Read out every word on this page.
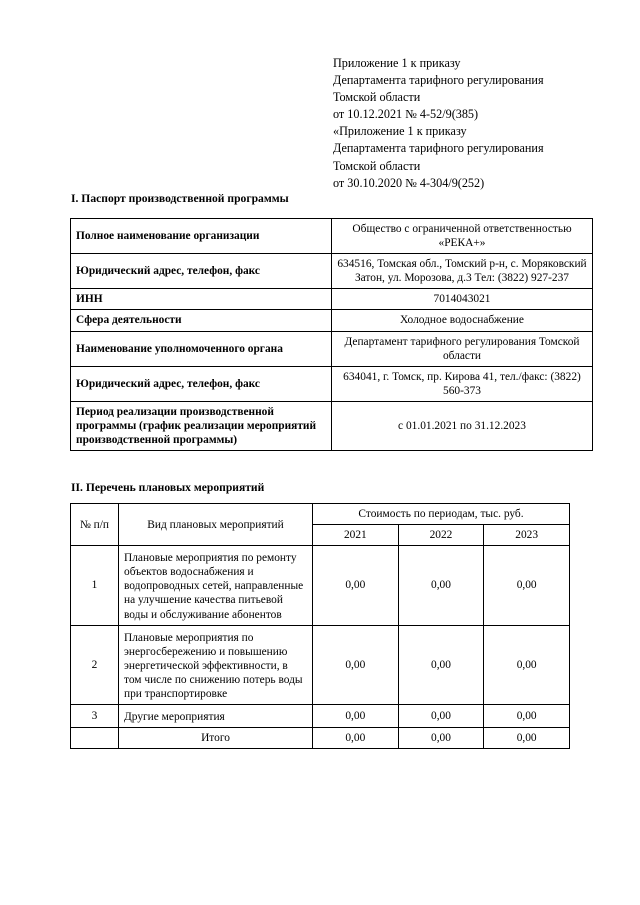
Приложение 1 к приказу
Департамента тарифного регулирования
Томской области
от 10.12.2021 № 4-52/9(385)
«Приложение 1 к приказу
Департамента тарифного регулирования
Томской области
от 30.10.2020 № 4-304/9(252)
I. Паспорт производственной программы
Полное наименование организации	Общество с ограниченной ответственностью «РЕКА+»
Юридический адрес, телефон, факс	634516, Томская обл., Томский р-н, с. Моряковский Затон, ул. Морозова, д.3 Тел: (3822) 927-237
ИНН	7014043021
Сфера деятельности	Холодное водоснабжение
Наименование уполномоченного органа	Департамент тарифного регулирования Томской области
Юридический адрес, телефон, факс	634041, г. Томск, пр. Кирова 41, тел./факс: (3822) 560-373
Период реализации производственной программы (график реализации мероприятий производственной программы)	с 01.01.2021 по 31.12.2023
II. Перечень плановых мероприятий
№ п/п	Вид плановых мероприятий	Стоимость по периодам, тыс. руб.		
		2021	2022	2023
1	Плановые мероприятия по ремонту объектов водоснабжения и водопроводных сетей, направленные на улучшение качества питьевой воды и обслуживание абонентов	0,00	0,00	0,00
2	Плановые мероприятия по энергосбережению и повышению энергетической эффективности, в том числе по снижению потерь воды при транспортировке	0,00	0,00	0,00
3	Другие мероприятия	0,00	0,00	0,00
	Итого	0,00	0,00	0,00
